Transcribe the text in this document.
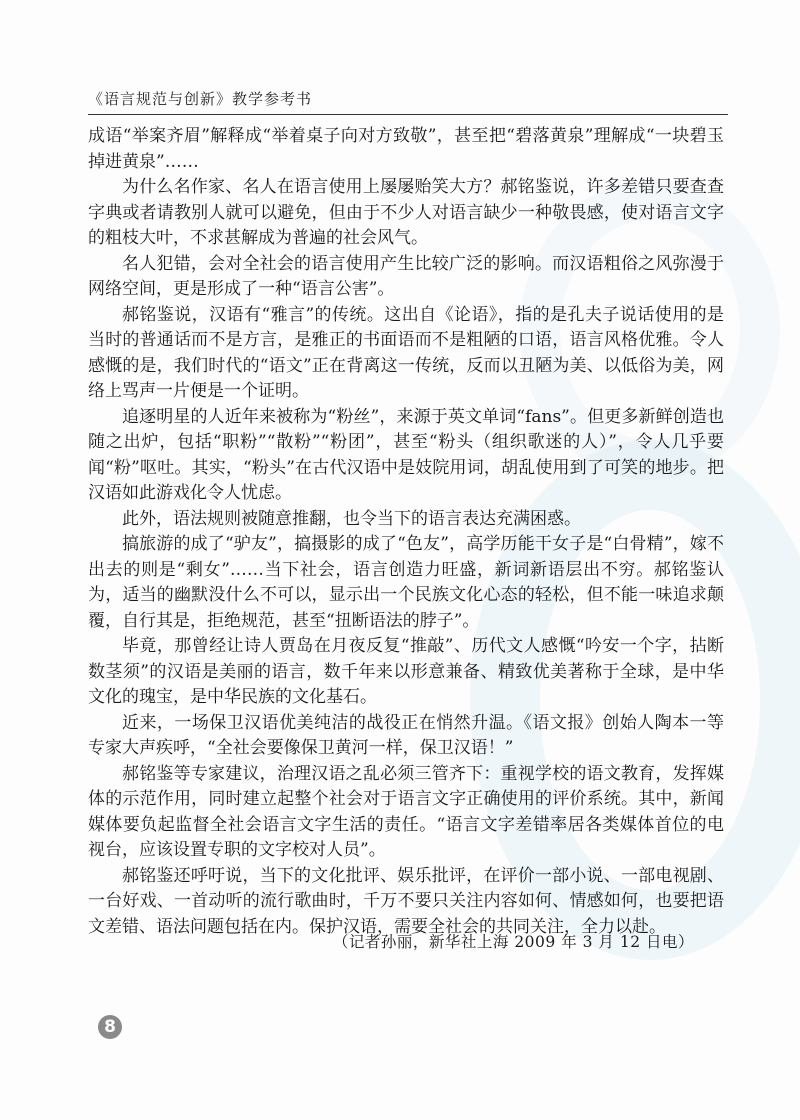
《语言规范与创新》教学参考书

成语“举案齐眉”解释成“举着桌子向对方致敬”，甚至把“碧落黄泉”理解成“一块碧玉掉进黄泉”……

为什么名作家、名人在语言使用上屡屡贻笑大方？郝铭鉴说，许多差错只要查查字典或者请教别人就可以避免，但由于不少人对语言缺少一种敬畏感，使对语言文字的粗枝大叶，不求甚解成为普遍的社会风气。

名人犯错，会对全社会的语言使用产生比较广泛的影响。而汉语粗俗之风弥漫于网络空间，更是形成了一种“语言公害”。

郝铭鉴说，汉语有“雅言”的传统。这出自《论语》，指的是孔夫子说话使用的是当时的普通话而不是方言，是雅正的书面语而不是粗陋的口语，语言风格优雅。令人感慨的是，我们时代的“语文”正在背离这一传统，反而以丑陋为美、以低俗为美，网络上骂声一片便是一个证明。

追逐明星的人近年来被称为“粉丝”，来源于英文单词“fans”。但更多新鲜创造也随之出炉，包括“职粉”“散粉”“粉团”，甚至“粉头（组织歌迷的人）”，令人几乎要闻“粉”呕吐。其实，“粉头”在古代汉语中是妓院用词，胡乱使用到了可笑的地步。把汉语如此游戏化令人忧虑。

此外，语法规则被随意推翻，也令当下的语言表达充满困惑。

搞旅游的成了“驴友”，搞摄影的成了“色友”，高学历能干女子是“白骨精”，嫁不出去的则是“剩女”……当下社会，语言创造力旺盛，新词新语层出不穷。郝铭鉴认为，适当的幽默没什么不可以，显示出一个民族文化心态的轻松，但不能一味追求颠覆，自行其是，拒绝规范，甚至“扭断语法的脖子”。

毕竟，那曾经让诗人贾岛在月夜反复“推敲”、历代文人感慨“吟安一个字，拈断数茎须”的汉语是美丽的语言，数千年来以形意兼备、精致优美著称于全球，是中华文化的瑰宝，是中华民族的文化基石。

近来，一场保卫汉语优美纯洁的战役正在悄然升温。《语文报》创始人陶本一等专家大声疾呼，“全社会要像保卫黄河一样，保卫汉语！”

郝铭鉴等专家建议，治理汉语之乱必须三管齐下：重视学校的语文教育，发挥媒体的示范作用，同时建立起整个社会对于语言文字正确使用的评价系统。其中，新闻媒体要负起监督全社会语言文字生活的责任。“语言文字差错率居各类媒体首位的电视台，应该设置专职的文字校对人员”。

郝铭鉴还呼吁说，当下的文化批评、娱乐批评，在评价一部小说、一部电视剧、一台好戏、一首动听的流行歌曲时，千万不要只关注内容如何、情感如何，也要把语文差错、语法问题包括在内。保护汉语，需要全社会的共同关注，全力以赴。

（记者孙丽，新华社上海 2009 年 3 月 12 日电）
8
